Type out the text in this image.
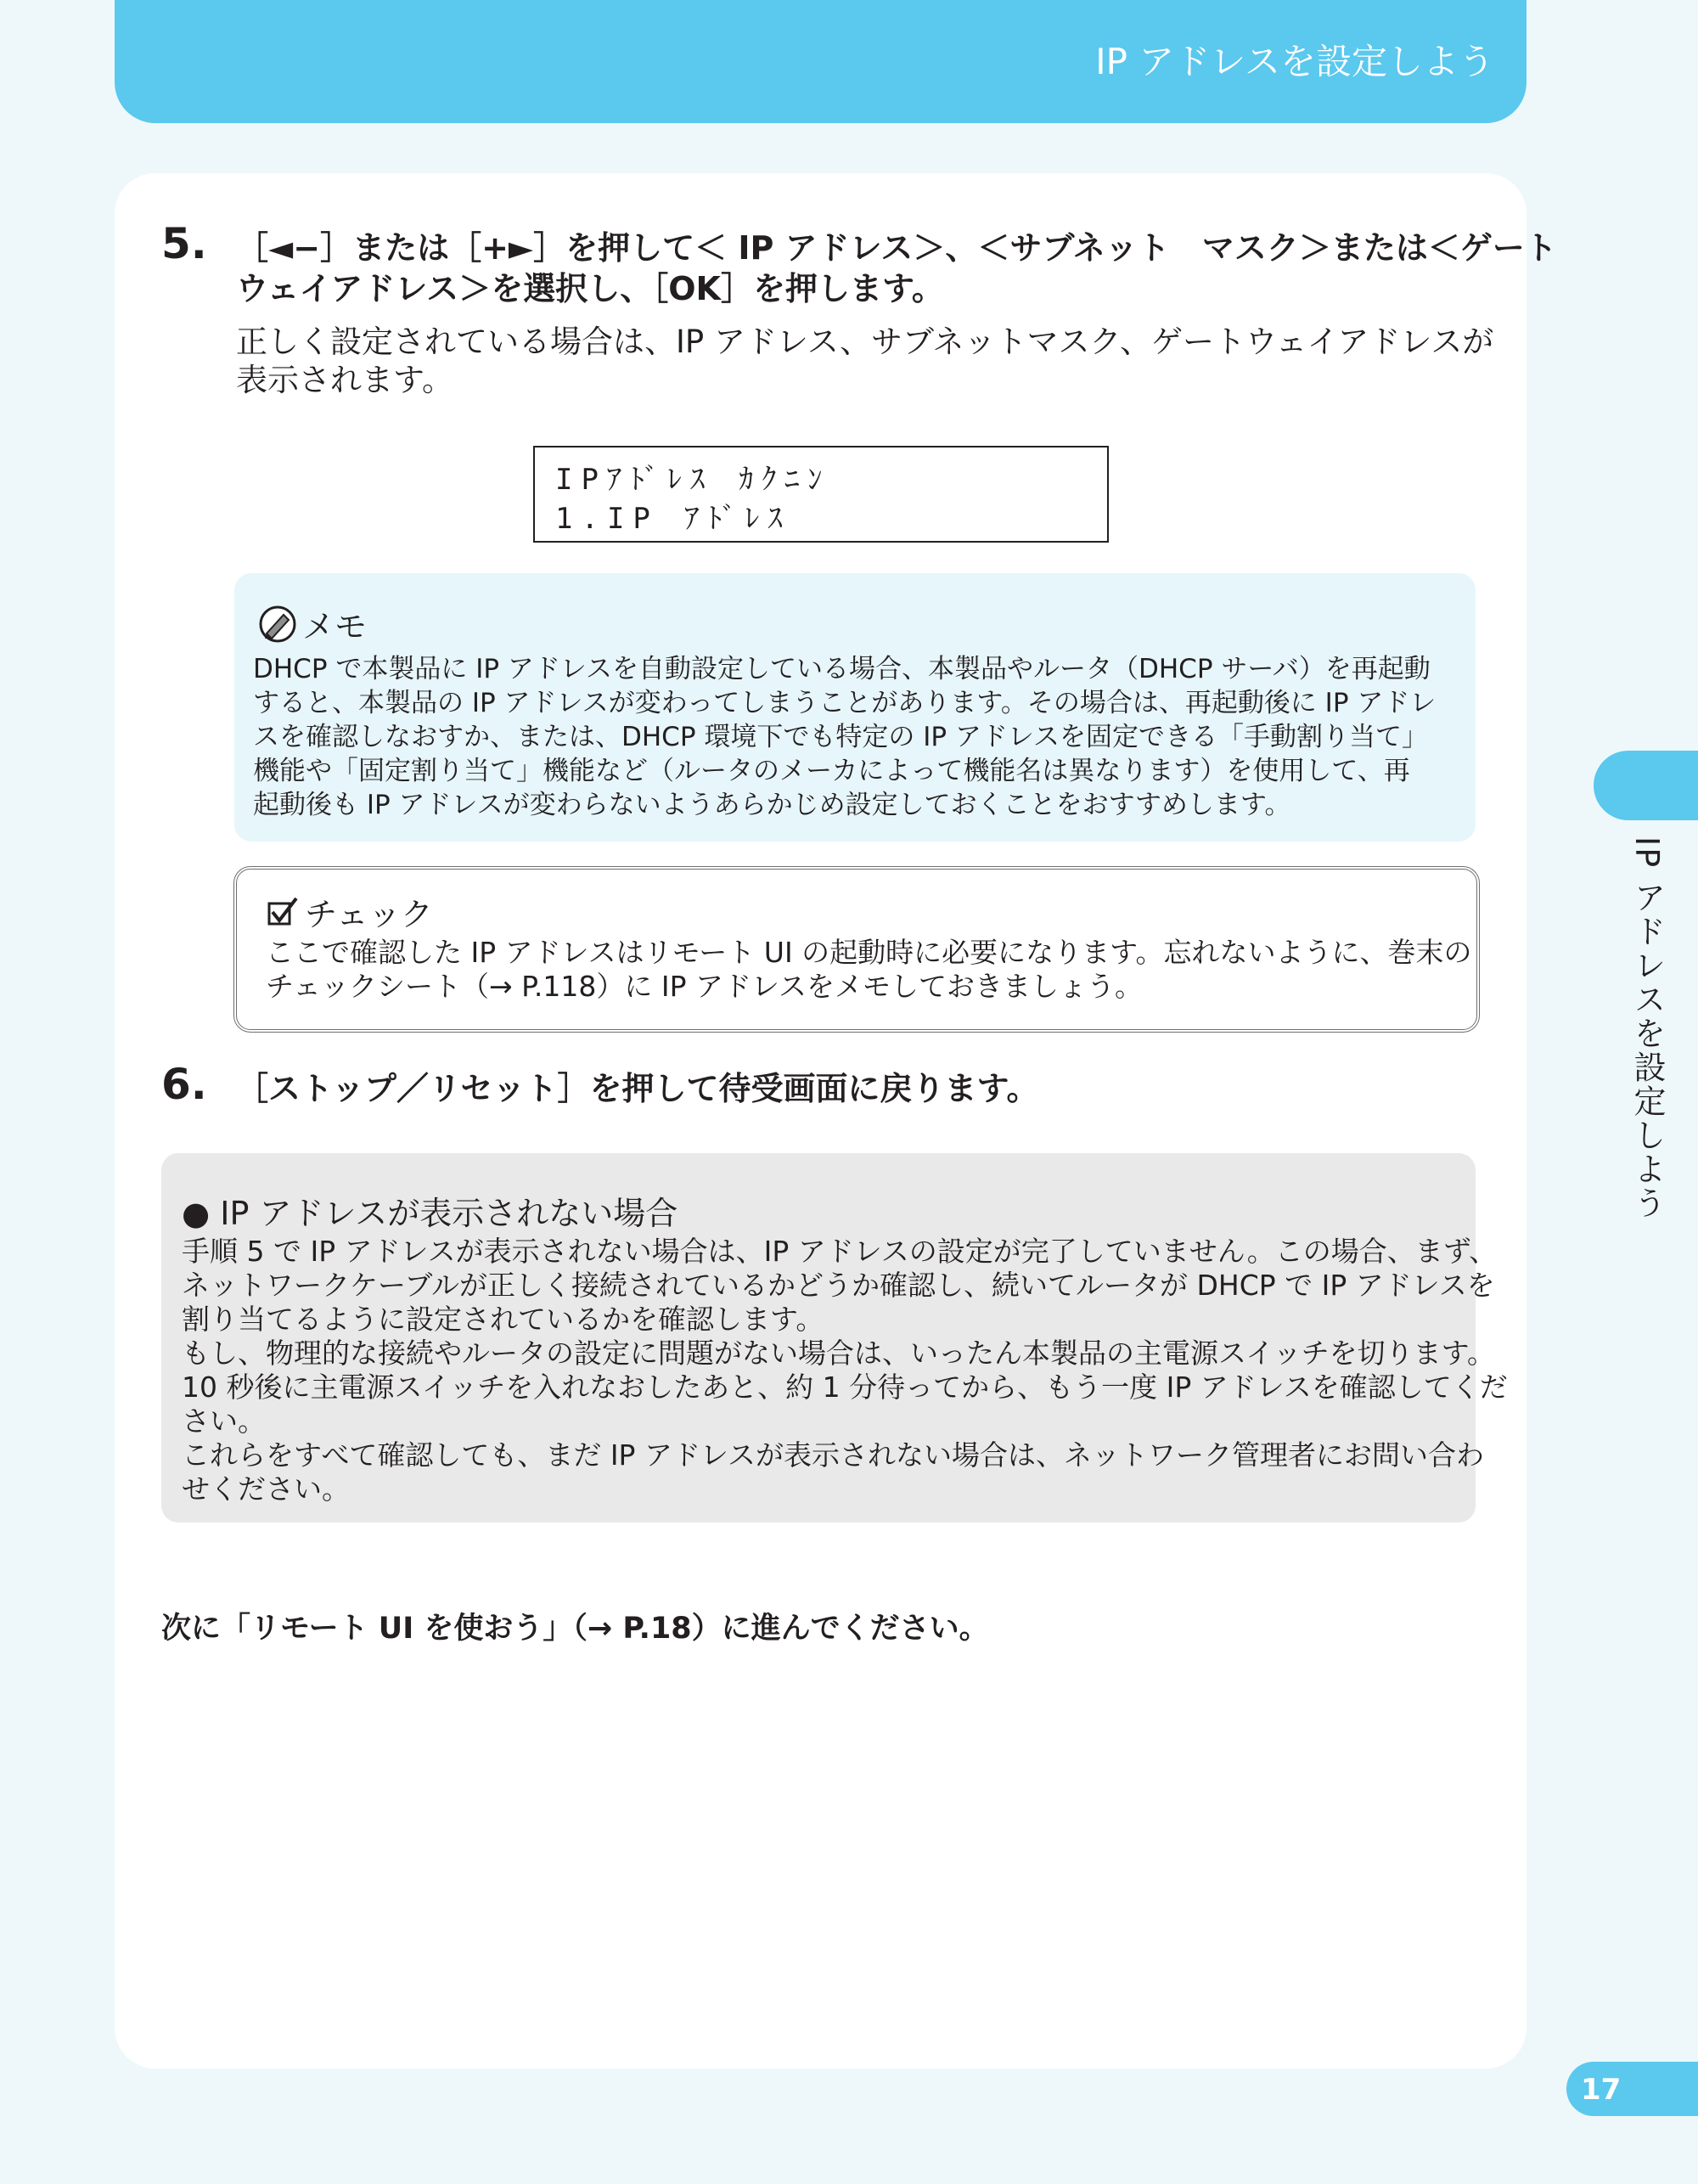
IP アドレスを設定しよう
IP アドレスを設定しよう
17
5. ［◄−］または［+►］を押して＜ IP アドレス＞、＜サブネット　マスク＞または＜ゲート
ウェイアドレス＞を選択し、［OK］を押します。
正しく設定されている場合は、IP アドレス、サブネットマスク、ゲートウェイアドレスが
表示されます。
IPｱﾄﾞﾚｽ ｶｸﾆﾝ
1.IP ｱﾄﾞﾚｽ
メモ
DHCP で本製品に IP アドレスを自動設定している場合、本製品やルータ（DHCP サーバ）を再起動
すると、本製品の IP アドレスが変わってしまうことがあります。その場合は、再起動後に IP アドレ
スを確認しなおすか、または、DHCP 環境下でも特定の IP アドレスを固定できる「手動割り当て」
機能や「固定割り当て」機能など（ルータのメーカによって機能名は異なります）を使用して、再
起動後も IP アドレスが変わらないようあらかじめ設定しておくことをおすすめします。
チェック
ここで確認した IP アドレスはリモート UI の起動時に必要になります。忘れないように、巻末の
チェックシート（→ P.118）に IP アドレスをメモしておきましょう。
6. ［ストップ／リセット］を押して待受画面に戻ります。
● IP アドレスが表示されない場合
手順 5 で IP アドレスが表示されない場合は、IP アドレスの設定が完了していません。この場合、まず、
ネットワークケーブルが正しく接続されているかどうか確認し、続いてルータが DHCP で IP アドレスを
割り当てるように設定されているかを確認します。
もし、物理的な接続やルータの設定に問題がない場合は、いったん本製品の主電源スイッチを切ります。
10 秒後に主電源スイッチを入れなおしたあと、約 1 分待ってから、もう一度 IP アドレスを確認してくだ
さい。
これらをすべて確認しても、まだ IP アドレスが表示されない場合は、ネットワーク管理者にお問い合わ
せください。
次に「リモート UI を使おう」（→ P.18）に進んでください。
